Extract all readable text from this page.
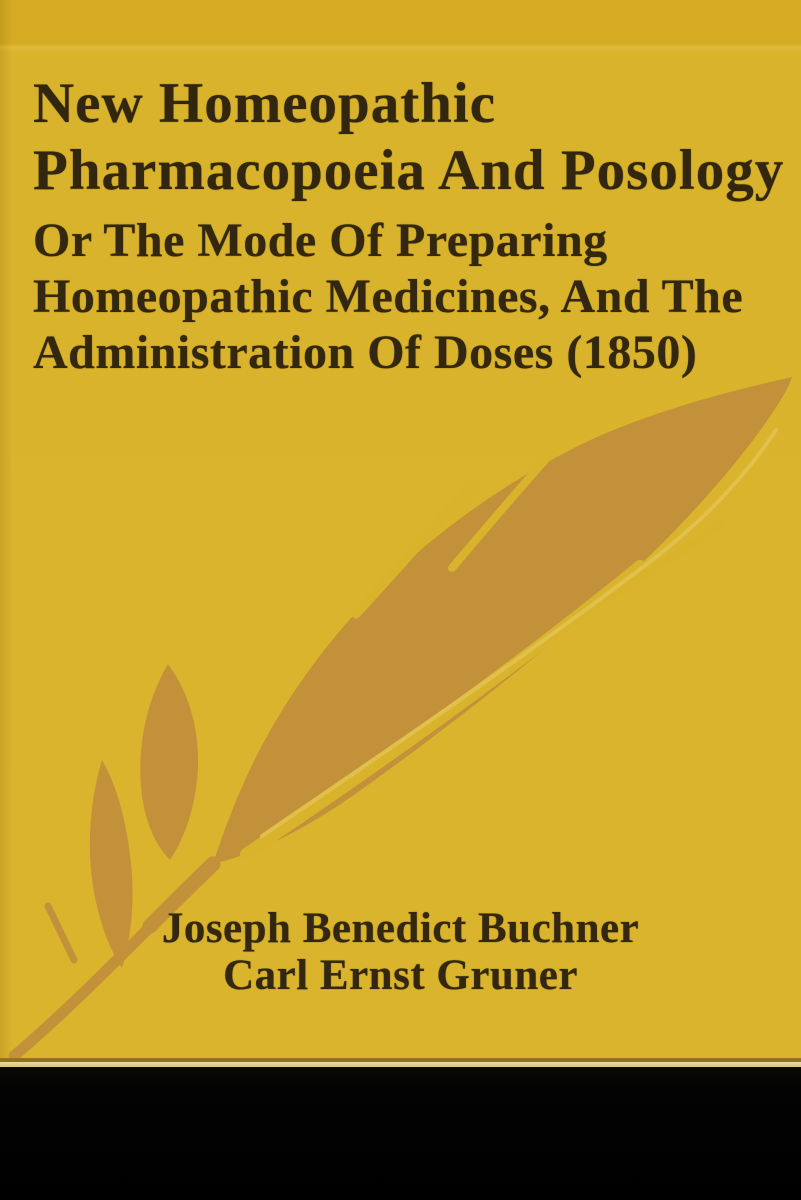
New Homeopathic
Pharmacopoeia And Posology
Or The Mode Of Preparing
Homeopathic Medicines, And The
Administration Of Doses (1850)
Joseph Benedict Buchner
Carl Ernst Gruner
